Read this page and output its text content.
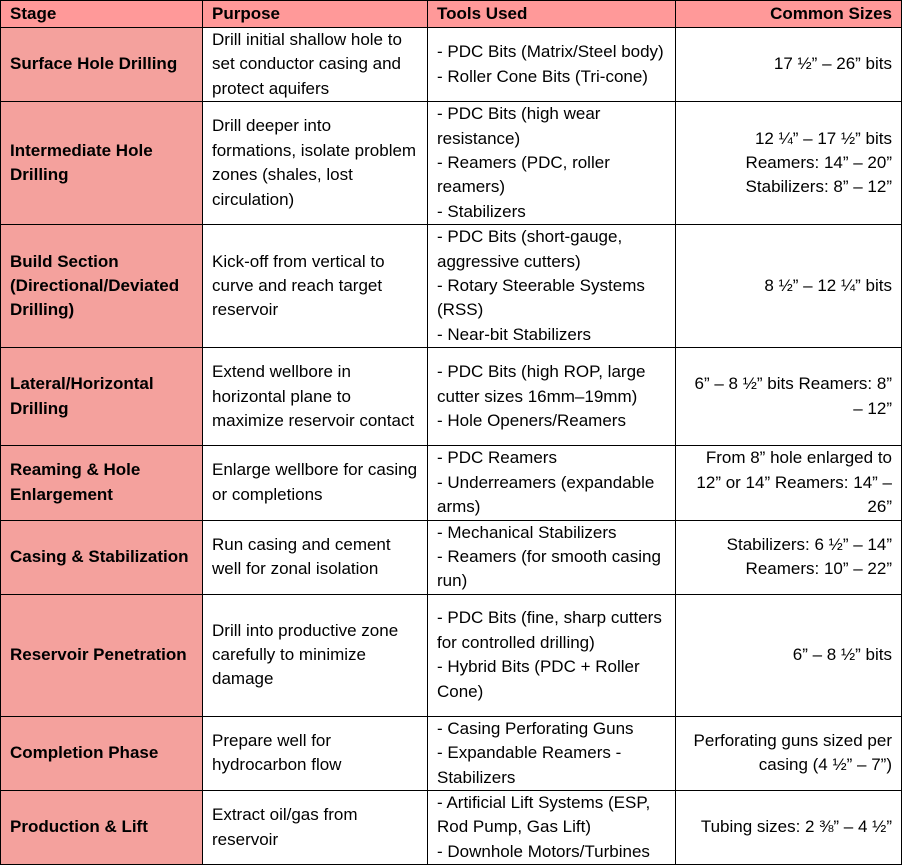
Stage	Purpose	Tools Used	Common Sizes
Surface Hole Drilling	Drill initial shallow hole to set conductor casing and protect aquifers	- PDC Bits (Matrix/Steel body)
- Roller Cone Bits (Tri-cone)	17 ½” – 26” bits

Intermediate Hole Drilling	Drill deeper into formations, isolate problem zones (shales, lost circulation)	- PDC Bits (high wear resistance)
- Reamers (PDC, roller reamers)
- Stabilizers	12 ¼” – 17 ½” bits
Reamers: 14” – 20”
Stabilizers: 8” – 12”

Build Section (Directional/Deviated Drilling)	Kick-off from vertical to curve and reach target reservoir	- PDC Bits (short-gauge, aggressive cutters)
- Rotary Steerable Systems (RSS)
- Near-bit Stabilizers	8 ½” – 12 ¼” bits

Lateral/Horizontal Drilling	Extend wellbore in horizontal plane to maximize reservoir contact	- PDC Bits (high ROP, large cutter sizes 16mm–19mm)
- Hole Openers/Reamers	6” – 8 ½” bits Reamers: 8” – 12”

Reaming & Hole Enlargement	Enlarge wellbore for casing or completions	- PDC Reamers
- Underreamers (expandable arms)	From 8” hole enlarged to 12” or 14” Reamers: 14” – 26”

Casing & Stabilization	Run casing and cement well for zonal isolation	- Mechanical Stabilizers
- Reamers (for smooth casing run)	Stabilizers: 6 ½” – 14”
Reamers: 10” – 22”

Reservoir Penetration	Drill into productive zone carefully to minimize damage	- PDC Bits (fine, sharp cutters for controlled drilling)
- Hybrid Bits (PDC + Roller Cone)	6” – 8 ½” bits

Completion Phase	Prepare well for hydrocarbon flow	- Casing Perforating Guns
- Expandable Reamers - Stabilizers	Perforating guns sized per casing (4 ½” – 7”)

Production & Lift	Extract oil/gas from reservoir	- Artificial Lift Systems (ESP, Rod Pump, Gas Lift)
- Downhole Motors/Turbines	Tubing sizes: 2 ⅜” – 4 ½”
